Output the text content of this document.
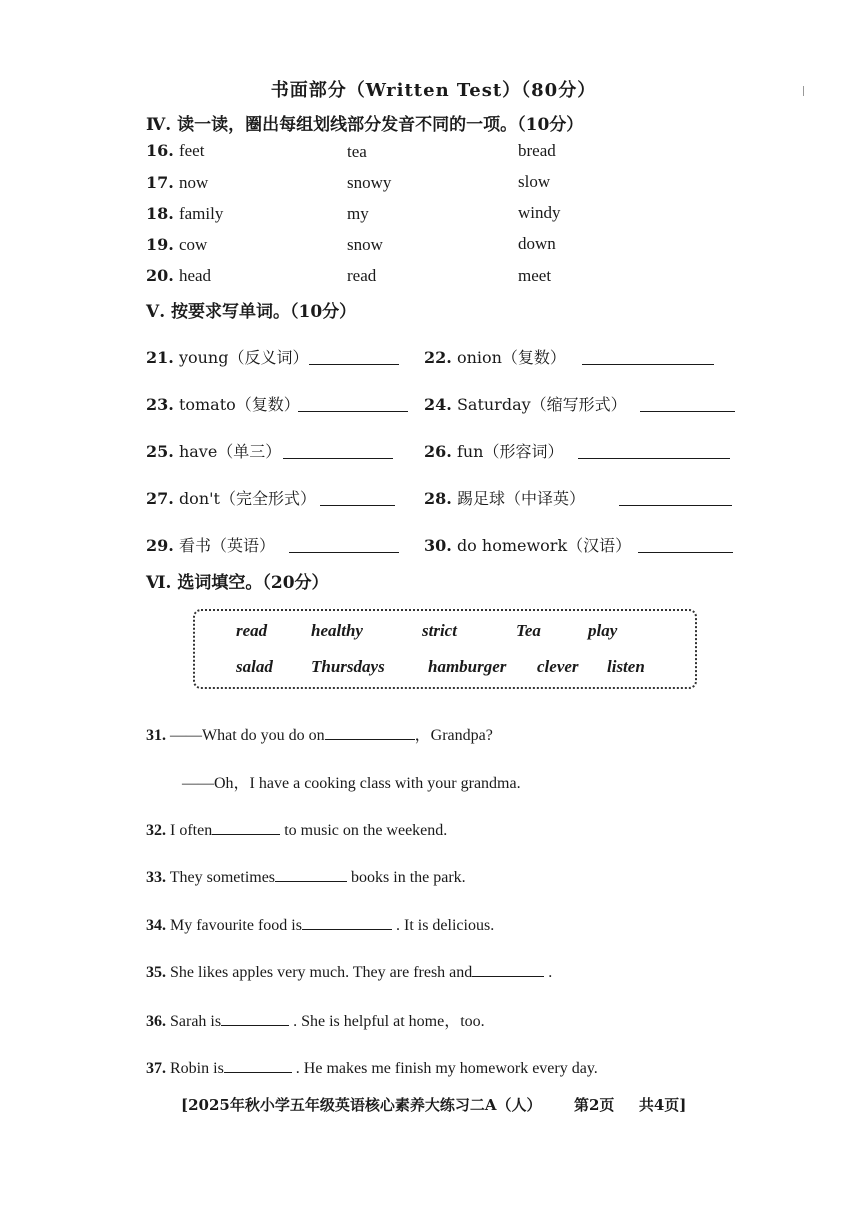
书面部分（Written Test）（80分）
Ⅳ. 读一读，圈出每组划线部分发音不同的一项。（10分）
16. feet	tea	bread
17. now	snowy	slow
18. family	my	windy
19. cow	snow	down
20. head	read	meet
Ⅴ. 按要求写单词。（10分）
21. young（反义词）	22. onion（复数）
23. tomato（复数）	24. Saturday（缩写形式）
25. have（单三）	26. fun（形容词）
27. don't（完全形式）	28. 踢足球（中译英）
29. 看书（英语）	30. do homework（汉语）
Ⅵ. 选词填空。（20分）
read	healthy	strict	Tea	play
salad Thursdays	hamburger clever listen
31. ——What do you do on	，Grandpa?
——Oh，I have a cooking class with your grandma.
32. I often	to music on the weekend.
33. They sometimes	books in the park.
34. My favourite food is	. It is delicious.
35. She likes apples very much. They are fresh and	.
36. Sarah is	. She is helpful at home，too.
37. Robin is	. He makes me finish my homework every day.
[2025年秋小学五年级英语核心素养大练习二A（人） 第2页 共4页]
